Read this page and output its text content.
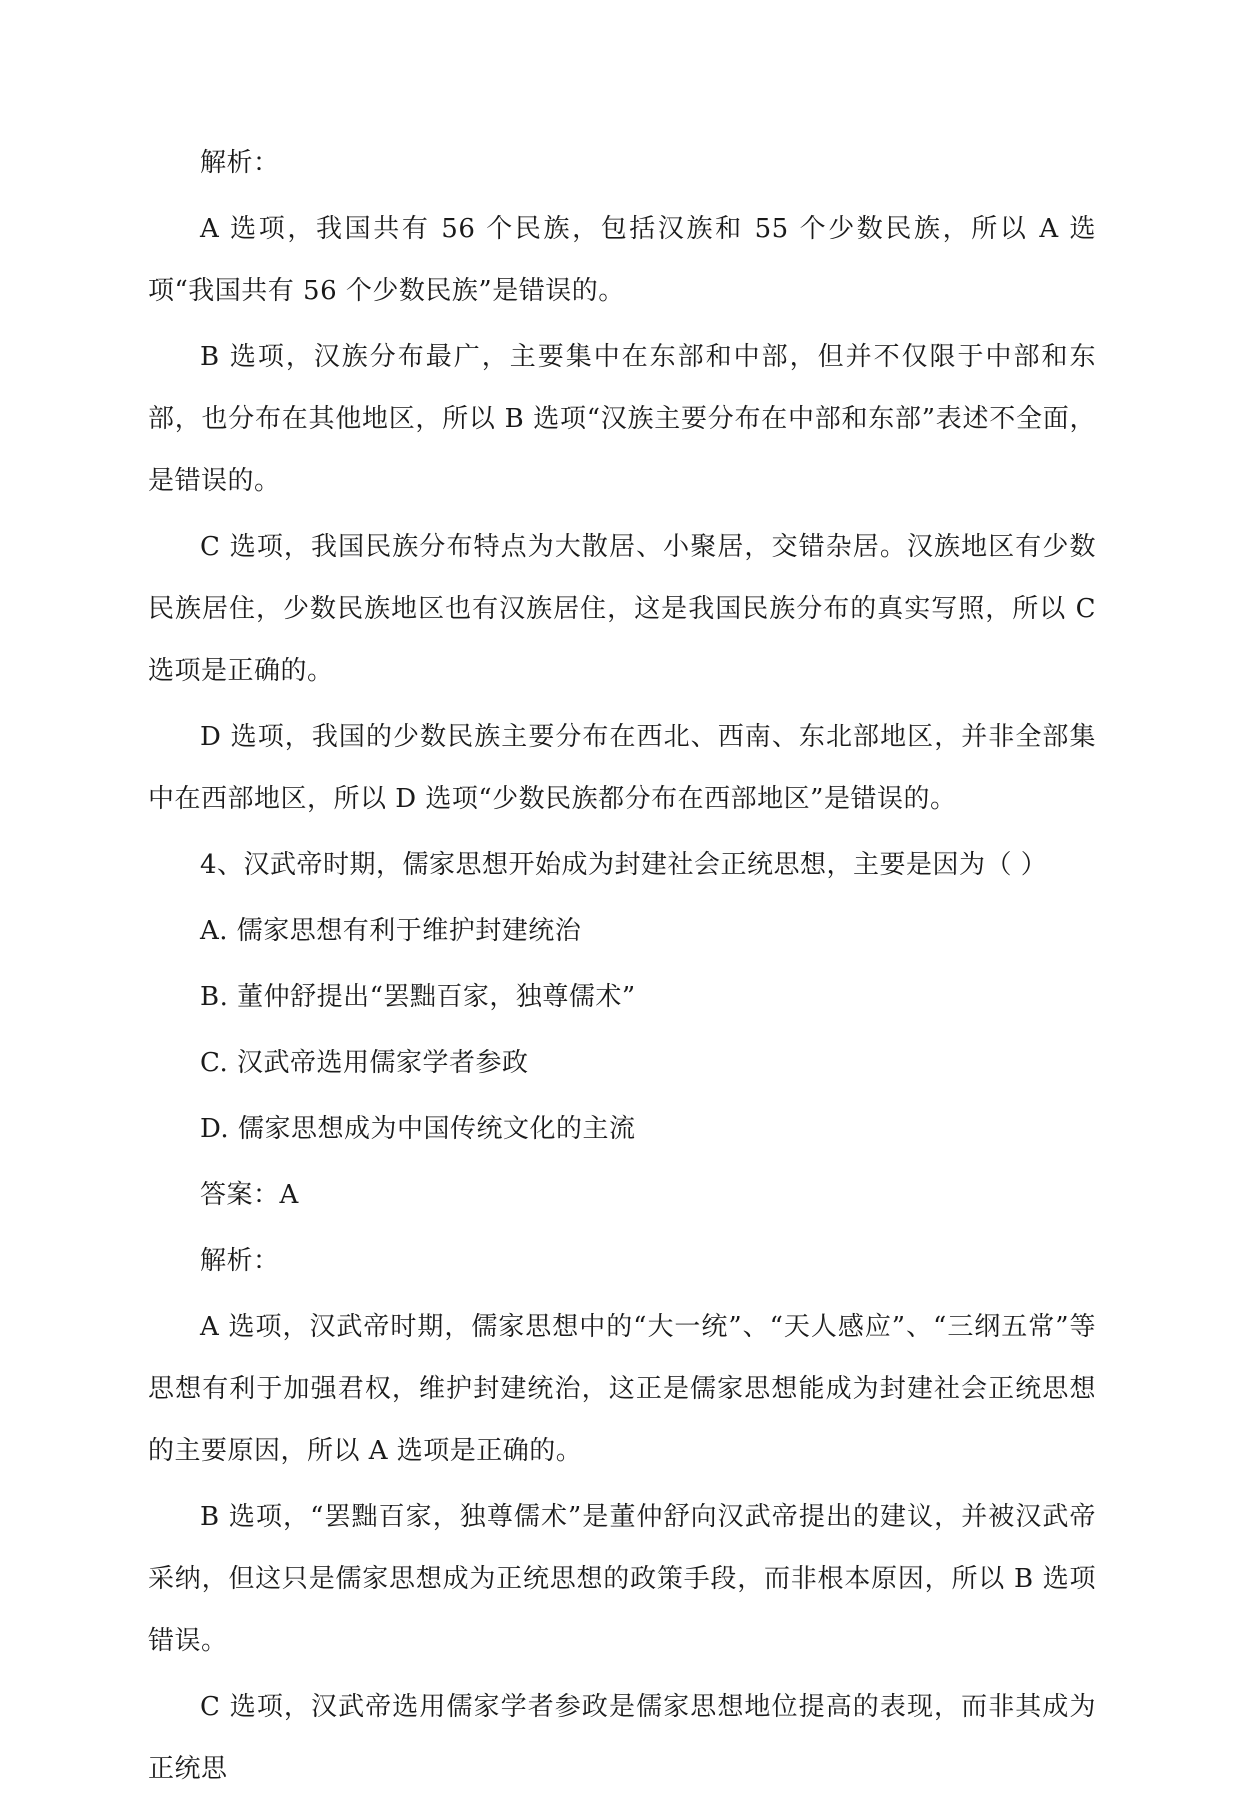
解析：

A 选项，我国共有 56 个民族，包括汉族和 55 个少数民族，所以 A 选项“我国共有 56 个少数民族”是错误的。

B 选项，汉族分布最广，主要集中在东部和中部，但并不仅限于中部和东部，也分布在其他地区，所以 B 选项“汉族主要分布在中部和东部”表述不全面，是错误的。

C 选项，我国民族分布特点为大散居、小聚居，交错杂居。汉族地区有少数民族居住，少数民族地区也有汉族居住，这是我国民族分布的真实写照，所以 C 选项是正确的。

D 选项，我国的少数民族主要分布在西北、西南、东北部地区，并非全部集中在西部地区，所以 D 选项“少数民族都分布在西部地区”是错误的。

4、汉武帝时期，儒家思想开始成为封建社会正统思想，主要是因为（ ）

A. 儒家思想有利于维护封建统治

B. 董仲舒提出“罢黜百家，独尊儒术”

C. 汉武帝选用儒家学者参政

D. 儒家思想成为中国传统文化的主流

答案：A

解析：

A 选项，汉武帝时期，儒家思想中的“大一统”、“天人感应”、“三纲五常”等思想有利于加强君权，维护封建统治，这正是儒家思想能成为封建社会正统思想的主要原因，所以 A 选项是正确的。

B 选项，“罢黜百家，独尊儒术”是董仲舒向汉武帝提出的建议，并被汉武帝采纳，但这只是儒家思想成为正统思想的政策手段，而非根本原因，所以 B 选项错误。

C 选项，汉武帝选用儒家学者参政是儒家思想地位提高的表现，而非其成为正统思
